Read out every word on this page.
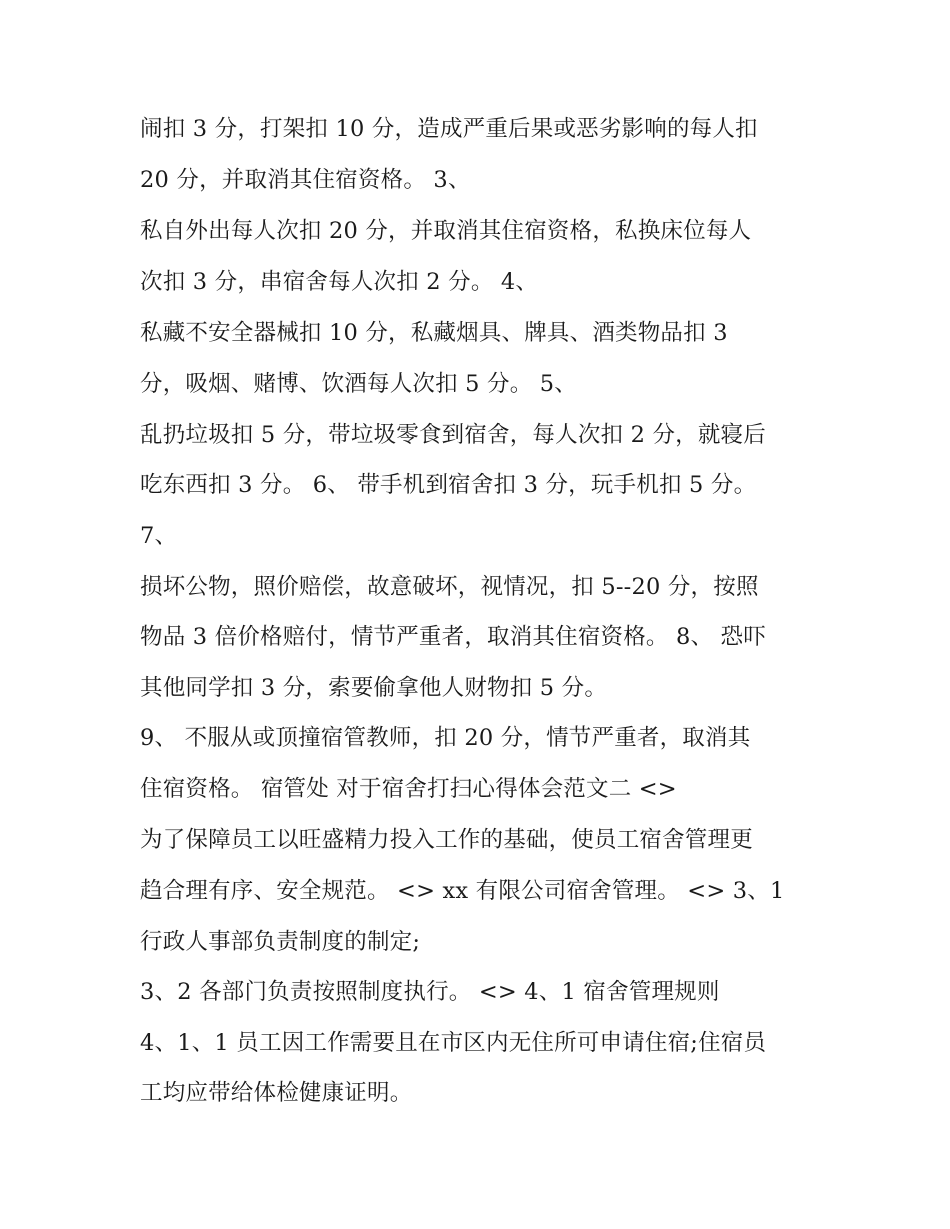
闹扣 3 分，打架扣 10 分，造成严重后果或恶劣影响的每人扣
20 分，并取消其住宿资格。 3、
私自外出每人次扣 20 分，并取消其住宿资格，私换床位每人
次扣 3 分，串宿舍每人次扣 2 分。 4、
私藏不安全器械扣 10 分，私藏烟具、牌具、酒类物品扣 3
分，吸烟、赌博、饮酒每人次扣 5 分。 5、
乱扔垃圾扣 5 分，带垃圾零食到宿舍，每人次扣 2 分，就寝后
吃东西扣 3 分。 6、 带手机到宿舍扣 3 分，玩手机扣 5 分。
7、
损坏公物，照价赔偿，故意破坏，视情况，扣 5--20 分，按照
物品 3 倍价格赔付，情节严重者，取消其住宿资格。 8、 恐吓
其他同学扣 3 分，索要偷拿他人财物扣 5 分。
9、 不服从或顶撞宿管教师，扣 20 分，情节严重者，取消其
住宿资格。 宿管处 对于宿舍打扫心得体会范文二 <>
为了保障员工以旺盛精力投入工作的基础，使员工宿舍管理更
趋合理有序、安全规范。 <> xx 有限公司宿舍管理。 <> 3、1
行政人事部负责制度的制定;
3、2 各部门负责按照制度执行。 <> 4、1 宿舍管理规则
4、1、1 员工因工作需要且在市区内无住所可申请住宿;住宿员
工均应带给体检健康证明。
